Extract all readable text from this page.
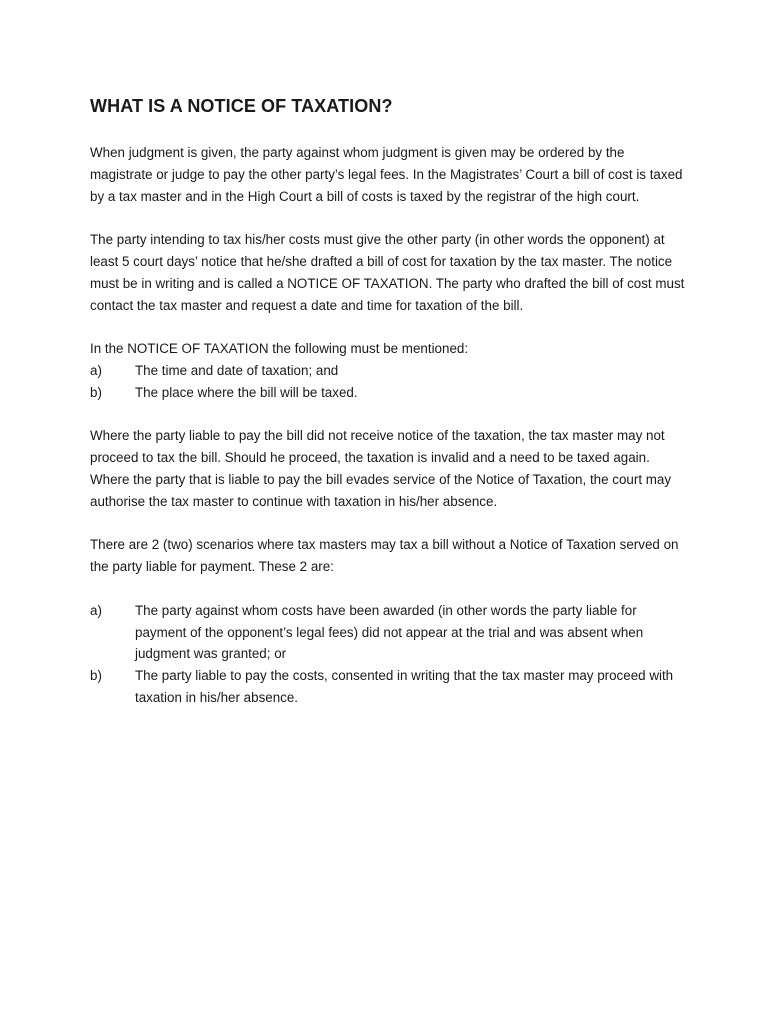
WHAT IS A NOTICE OF TAXATION?

When judgment is given, the party against whom judgment is given may be ordered by the magistrate or judge to pay the other party’s legal fees. In the Magistrates’ Court a bill of cost is taxed by a tax master and in the High Court a bill of costs is taxed by the registrar of the high court.

The party intending to tax his/her costs must give the other party (in other words the opponent) at least 5 court days’ notice that he/she drafted a bill of cost for taxation by the tax master. The notice must be in writing and is called a NOTICE OF TAXATION. The party who drafted the bill of cost must contact the tax master and request a date and time for taxation of the bill.

In the NOTICE OF TAXATION the following must be mentioned:

a)	The time and date of taxation; and
b)	The place where the bill will be taxed.

Where the party liable to pay the bill did not receive notice of the taxation, the tax master may not proceed to tax the bill. Should he proceed, the taxation is invalid and a need to be taxed again. Where the party that is liable to pay the bill evades service of the Notice of Taxation, the court may authorise the tax master to continue with taxation in his/her absence.

There are 2 (two) scenarios where tax masters may tax a bill without a Notice of Taxation served on the party liable for payment. These 2 are:

a)	The party against whom costs have been awarded (in other words the party liable for payment of the opponent’s legal fees) did not appear at the trial and was absent when judgment was granted; or
b)	The party liable to pay the costs, consented in writing that the tax master may proceed with taxation in his/her absence.
